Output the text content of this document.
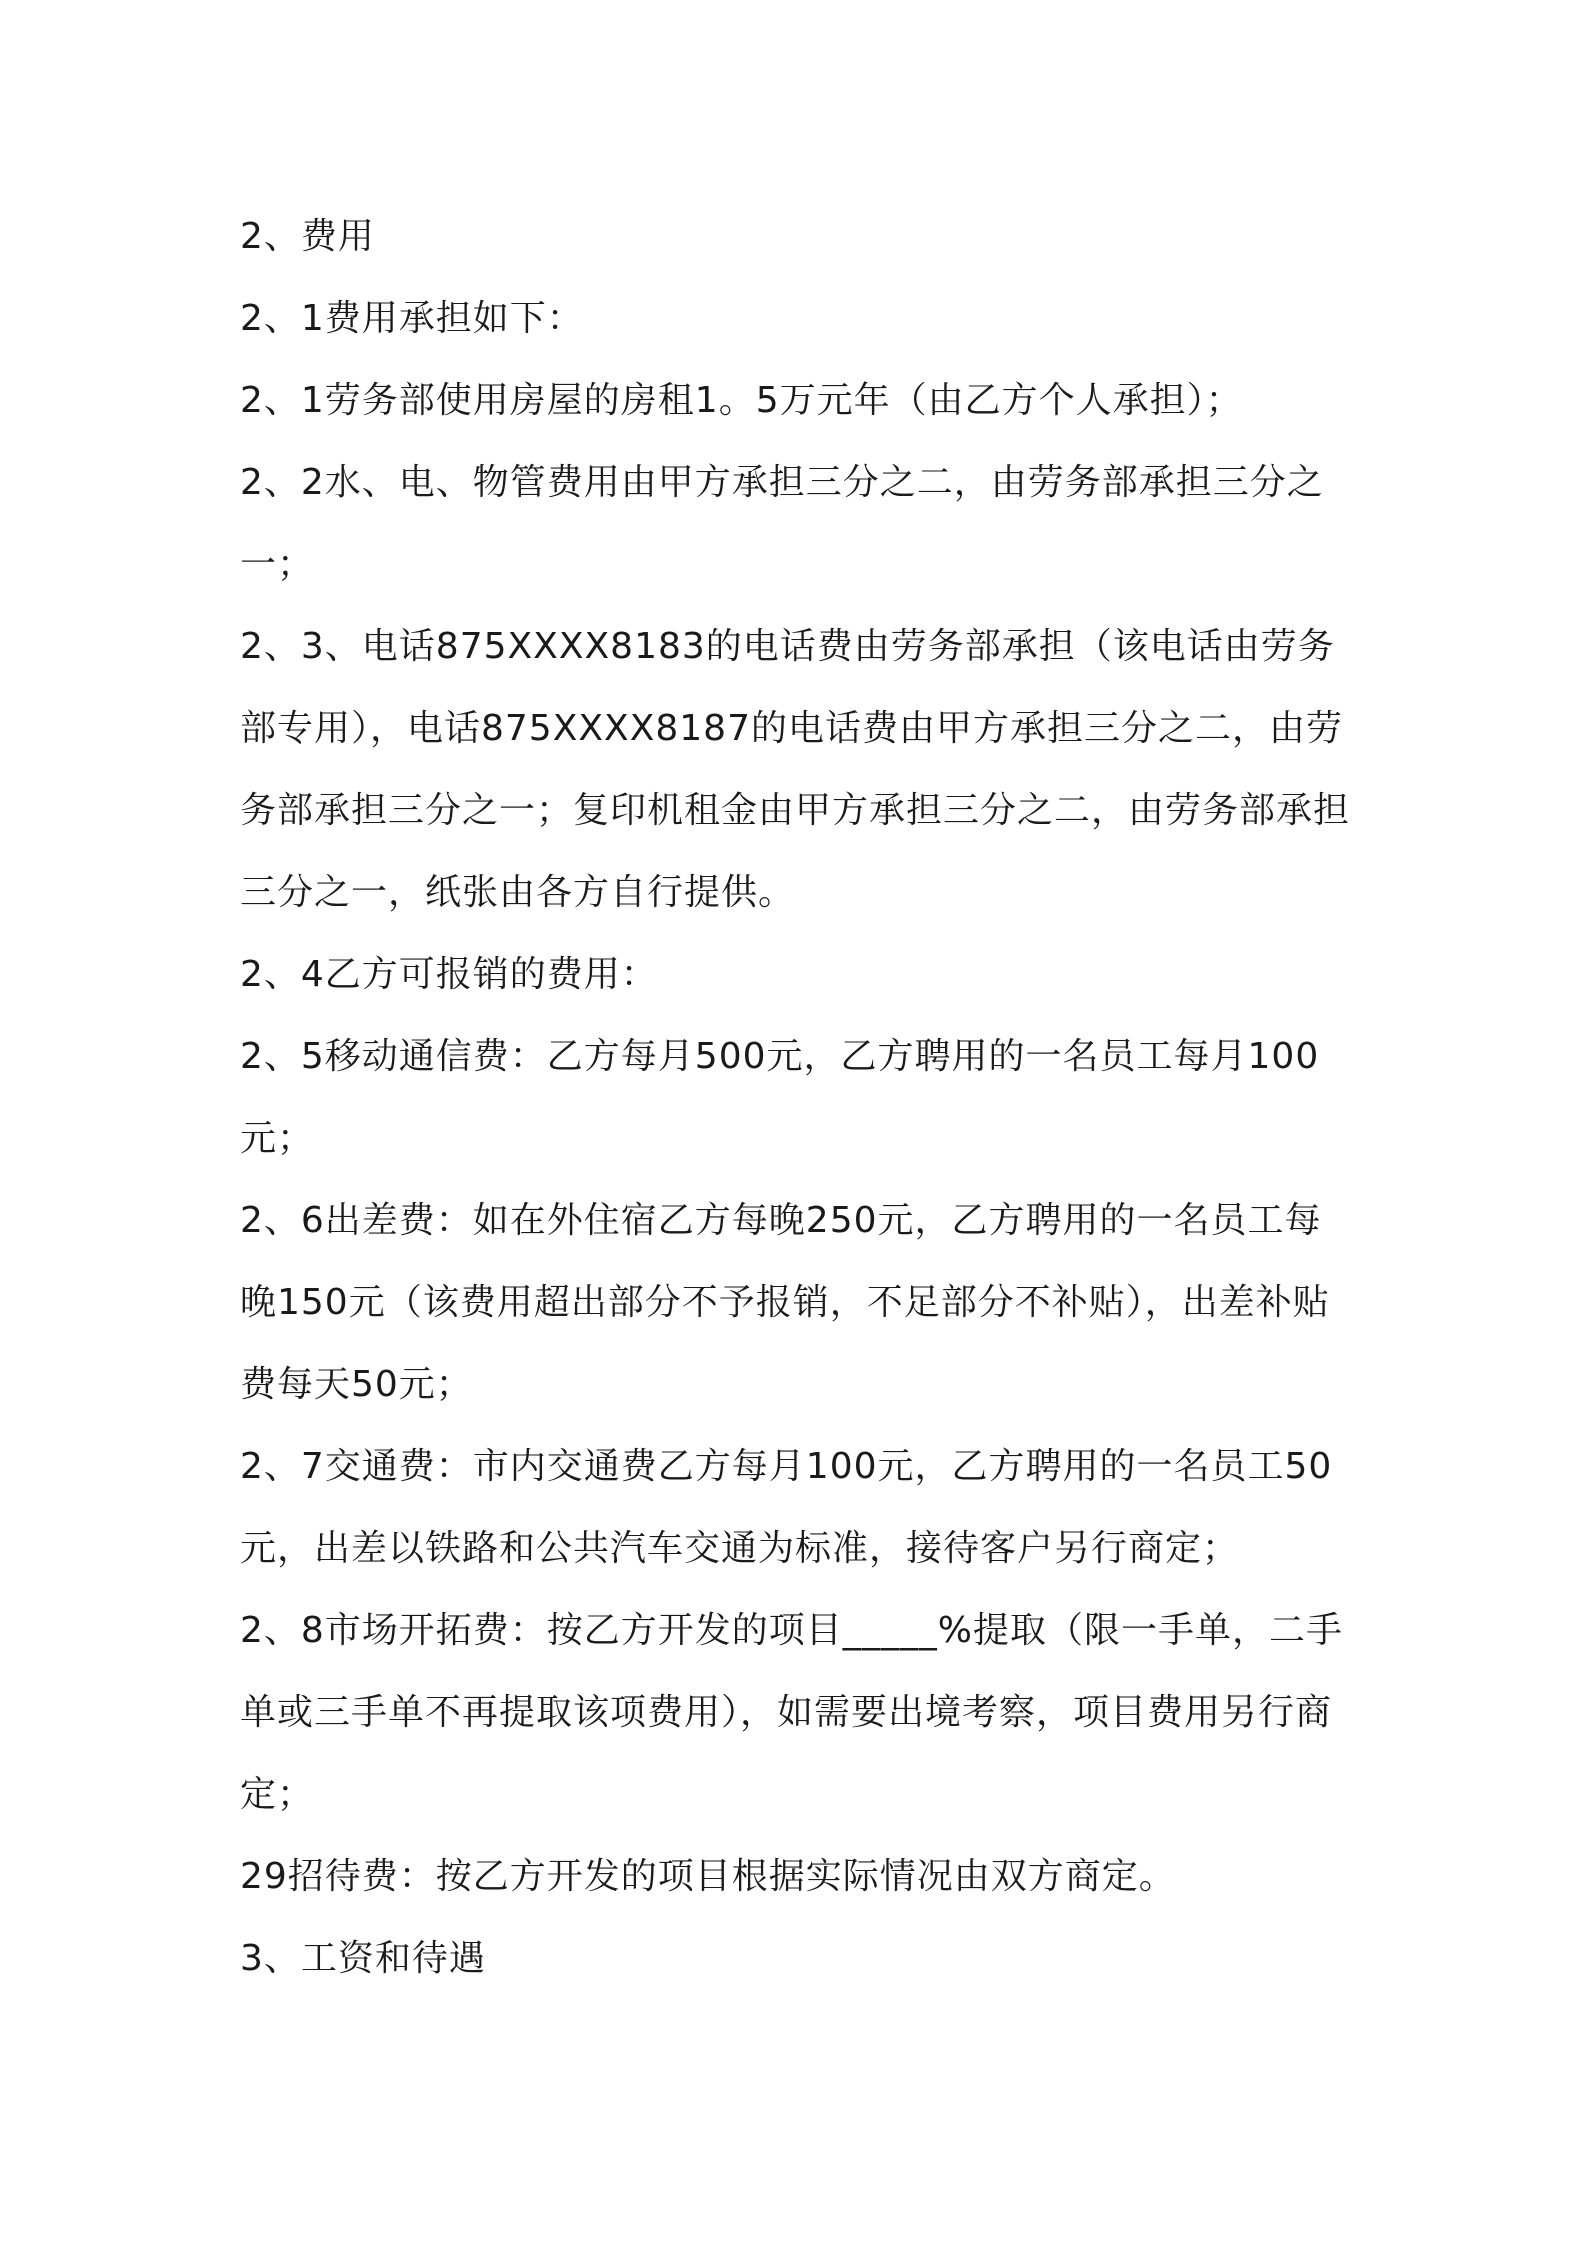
2、费用

2、1费用承担如下：

2、1劳务部使用房屋的房租1。5万元年（由乙方个人承担）；

2、2水、电、物管费用由甲方承担三分之二，由劳务部承担三分之一；

2、3、电话875XXXX8183的电话费由劳务部承担（该电话由劳务部专用），电话875XXXX8187的电话费由甲方承担三分之二，由劳务部承担三分之一；复印机租金由甲方承担三分之二，由劳务部承担三分之一，纸张由各方自行提供。

2、4乙方可报销的费用：

2、5移动通信费：乙方每月500元，乙方聘用的一名员工每月100元；

2、6出差费：如在外住宿乙方每晚250元，乙方聘用的一名员工每晚150元（该费用超出部分不予报销，不足部分不补贴），出差补贴费每天50元；

2、7交通费：市内交通费乙方每月100元，乙方聘用的一名员工50元，出差以铁路和公共汽车交通为标准，接待客户另行商定；

2、8市场开拓费：按乙方开发的项目_____%提取（限一手单，二手单或三手单不再提取该项费用），如需要出境考察，项目费用另行商定；

29招待费：按乙方开发的项目根据实际情况由双方商定。

3、工资和待遇
